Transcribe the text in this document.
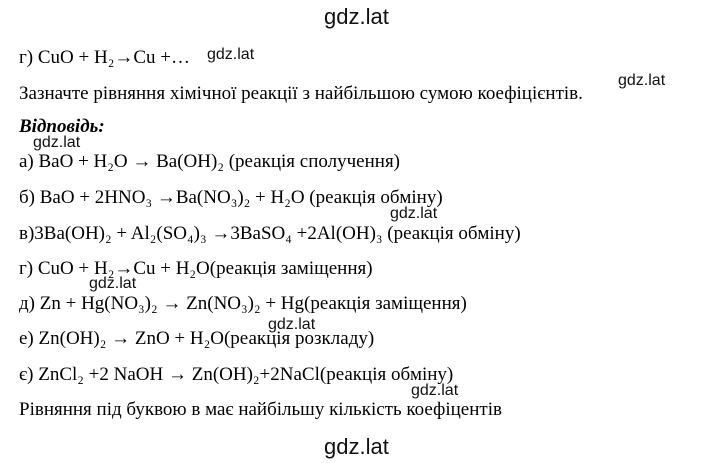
gdz.lat
gdz.lat
gdz.lat
gdz.lat
gdz.lat
gdz.lat
gdz.lat
gdz.lat
gdz.lat
г) CuO + H₂→Cu +…
Зазначте рівняння хімічної реакції з найбільшою сумою коефіцієнтів.
Відповідь:
а) BaO + H₂O → Ba(OH)₂ (реакція сполучення)
б) BaO + 2HNO₃ →Ba(NO₃)₂ + H₂O (реакція обміну)
в)3Ba(OH)₂ + Al₂(SO₄)₃ →3BaSO₄ +2Al(OH)₃ (реакція обміну)
г) CuO + H₂→Cu + H₂O(реакція заміщення)
д) Zn + Hg(NO₃)₂ → Zn(NO₃)₂ + Hg(реакція заміщення)
е) Zn(OH)₂ → ZnO + H₂O(реакція розкладу)
є) ZnCl₂ +2 NaOH → Zn(OH)₂+2NaCl(реакція обміну)
Рівняння під буквою в має найбільшу кількість коефіцентів
